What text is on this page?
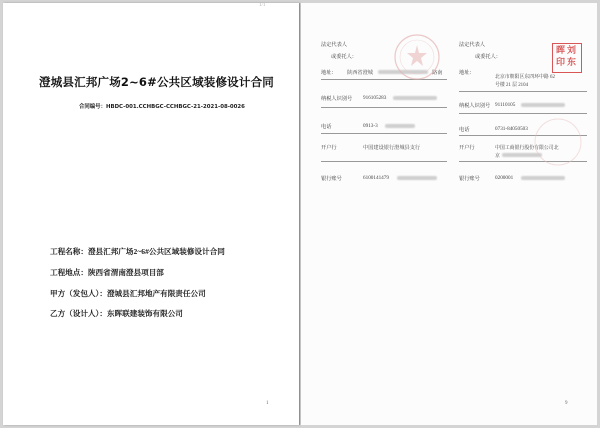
澄城县汇邦广场2~6#公共区域装修设计合同
合同编号：HBDC-001.CCHBGC-CCHBGC-21-2021-08-0026
工程名称：澄县汇邦广场2~6#公共区域装修设计合同
工程地点：陕西省渭南澄县项目部
甲方（发包人）：澄城县汇邦地产有限责任公司
乙方（设计人）：东晖联建装饰有限公司
1
1/1
法定代表人
或委托人：
地址： 陕西省澄城	路南
纳税人识别号 916105283
电话	0913-3
开户行	中国建设银行澄城县支行
银行账号	6100141479
法定代表人
或委托人：
地址：
北京市朝阳区东四环中路 62
号楼 21 层 2104
纳税人识别号 91110105
电话	0731-84050503
开户行	中国工商银行股份有限公司北
京
银行账号	0200001
晖刘
印东
9
